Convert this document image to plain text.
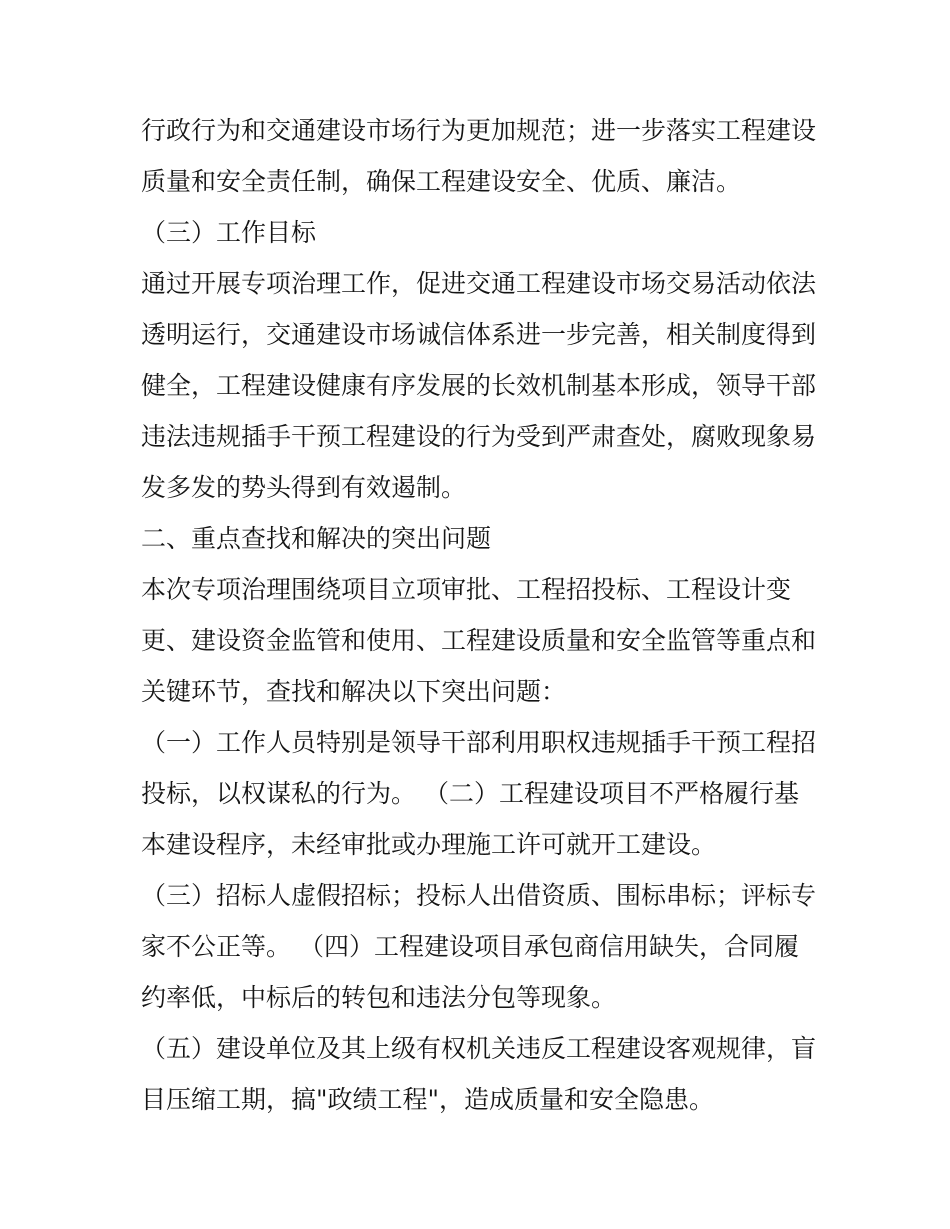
行政行为和交通建设市场行为更加规范；进一步落实工程建设
质量和安全责任制，确保工程建设安全、优质、廉洁。
（三）工作目标
通过开展专项治理工作，促进交通工程建设市场交易活动依法
透明运行，交通建设市场诚信体系进一步完善，相关制度得到
健全，工程建设健康有序发展的长效机制基本形成，领导干部
违法违规插手干预工程建设的行为受到严肃查处，腐败现象易
发多发的势头得到有效遏制。
二、重点查找和解决的突出问题
本次专项治理围绕项目立项审批、工程招投标、工程设计变
更、建设资金监管和使用、工程建设质量和安全监管等重点和
关键环节，查找和解决以下突出问题：
（一）工作人员特别是领导干部利用职权违规插手干预工程招
投标，以权谋私的行为。 （二）工程建设项目不严格履行基
本建设程序，未经审批或办理施工许可就开工建设。
（三）招标人虚假招标；投标人出借资质、围标串标；评标专
家不公正等。 （四）工程建设项目承包商信用缺失，合同履
约率低，中标后的转包和违法分包等现象。
（五）建设单位及其上级有权机关违反工程建设客观规律，盲
目压缩工期，搞"政绩工程"，造成质量和安全隐患。
